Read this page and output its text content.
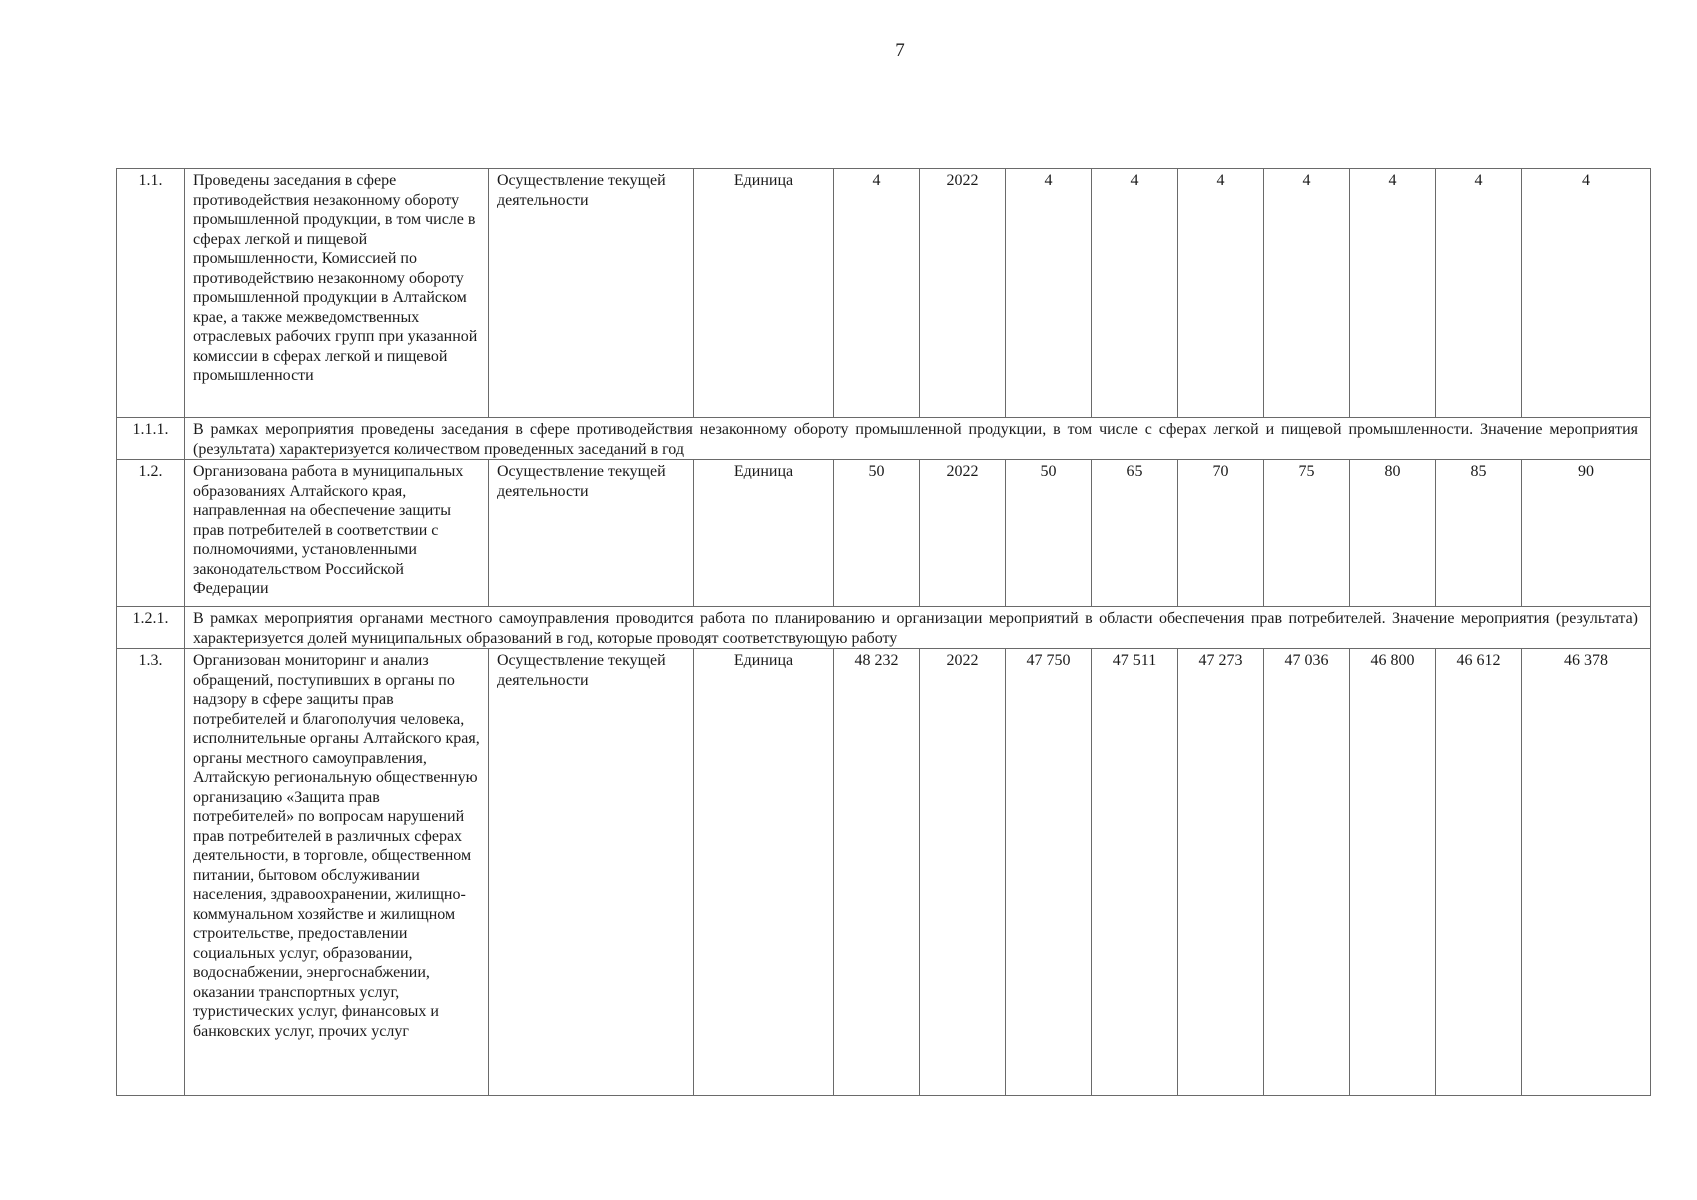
7
1.1.	Проведены заседания в сфере противодействия незаконному обороту промышленной продукции, в том числе в сферах легкой и пищевой промышленности, Комиссией по противодействию незаконному обороту промышленной продукции в Алтайском крае, а также межведомственных отраслевых рабочих групп при указанной комиссии в сферах легкой и пищевой промышленности	Осуществление текущей деятельности	Единица	4	2022	4	4	4	4	4	4	4
1.1.1.	В рамках мероприятия проведены заседания в сфере противодействия незаконному обороту промышленной продукции, в том числе с сферах легкой и пищевой промышленности. Значение мероприятия (результата) характеризуется количеством проведенных заседаний в год											
1.2.	Организована работа в муниципальных образованиях Алтайского края, направленная на обеспечение защиты прав потребителей в соответствии с полномочиями, установленными законодательством Российской Федерации	Осуществление текущей деятельности	Единица	50	2022	50	65	70	75	80	85	90
1.2.1.	В рамках мероприятия органами местного самоуправления проводится работа по планированию и организации мероприятий в области обеспечения прав потребителей. Значение мероприятия (результата) характеризуется долей муниципальных образований в год, которые проводят соответствующую работу											
1.3.	Организован мониторинг и анализ обращений, поступивших в органы по надзору в сфере защиты прав потребителей и благополучия человека, исполнительные органы Алтайского края, органы местного самоуправления, Алтайскую региональную общественную организацию «Защита прав потребителей» по вопросам нарушений прав потребителей в различных сферах деятельности, в торговле, общественном питании, бытовом обслуживании населения, здравоохранении, жилищно-коммунальном хозяйстве и жилищном строительстве, предоставлении социальных услуг, образовании, водоснабжении, энергоснабжении, оказании транспортных услуг, туристических услуг, финансовых и банковских услуг, прочих услуг	Осуществление текущей деятельности	Единица	48 232	2022	47 750	47 511	47 273	47 036	46 800	46 612	46 378
